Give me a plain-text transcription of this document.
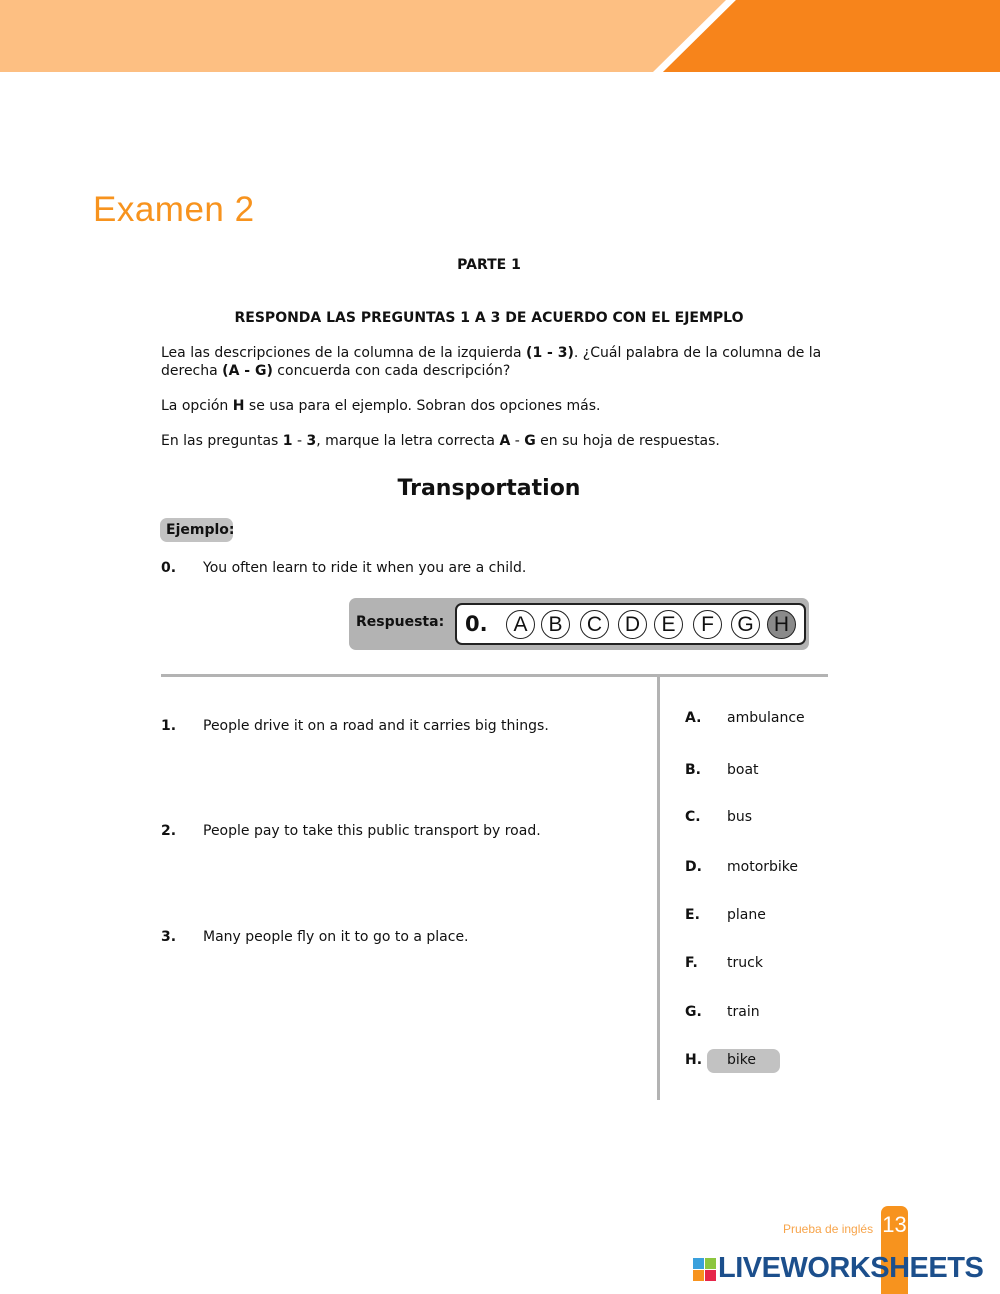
Examen 2
PARTE 1
RESPONDA LAS PREGUNTAS 1 A 3 DE ACUERDO CON EL EJEMPLO
Lea las descripciones de la columna de la izquierda (1 - 3). ¿Cuál palabra de la columna de la derecha (A - G) concuerda con cada descripción?
La opción H se usa para el ejemplo. Sobran dos opciones más.
En las preguntas 1 - 3, marque la letra correcta A - G en su hoja de respuestas.
Transportation
Ejemplo:
0. You often learn to ride it when you are a child.
Respuesta: 0.	A B	C	D	E	F	G H
1. People drive it on a road and it carries big things.
2. People pay to take this public transport by road.
3. Many people fly on it to go to a place.
A. ambulance
B. boat
C. bus
D. motorbike
E. plane
F. truck
G. train
H. bike
Prueba de inglés 13
LIVEWORKSHEETS
